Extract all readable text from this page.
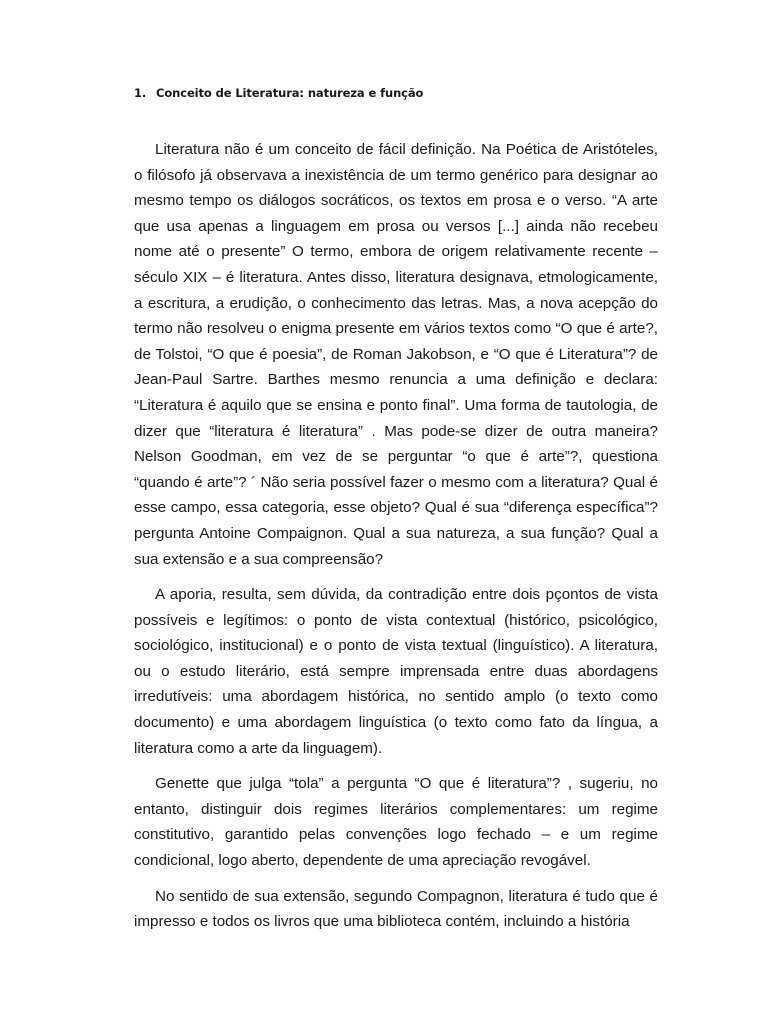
1. Conceito de Literatura: natureza e função

Literatura não é um conceito de fácil definição. Na Poética de Aristóteles, o filósofo já observava a inexistência de um termo genérico para designar ao mesmo tempo os diálogos socráticos, os textos em prosa e o verso. “A arte que usa apenas a linguagem em prosa ou versos [...] ainda não recebeu nome até o presente” O termo, embora de origem relativamente recente – século XIX – é literatura. Antes disso, literatura designava, etmologicamente, a escritura, a erudição, o conhecimento das letras. Mas, a nova acepção do termo não resolveu o enigma presente em vários textos como “O que é arte?, de Tolstoi, “O que é poesia”, de Roman Jakobson, e “O que é Literatura”? de Jean-Paul Sartre. Barthes mesmo renuncia a uma definição e declara: “Literatura é aquilo que se ensina e ponto final”. Uma forma de tautologia, de dizer que “literatura é literatura” . Mas pode-se dizer de outra maneira? Nelson Goodman, em vez de se perguntar “o que é arte”?, questiona “quando é arte”? ´ Não seria possível fazer o mesmo com a literatura? Qual é esse campo, essa categoria, esse objeto? Qual é sua “diferença específica”? pergunta Antoine Compaignon. Qual a sua natureza, a sua função? Qual a sua extensão e a sua compreensão?

A aporia, resulta, sem dúvida, da contradição entre dois pçontos de vista possíveis e legítimos: o ponto de vista contextual (histórico, psicológico, sociológico, institucional) e o ponto de vista textual (linguístico). A literatura, ou o estudo literário, está sempre imprensada entre duas abordagens irredutíveis: uma abordagem histórica, no sentido amplo (o texto como documento) e uma abordagem linguística (o texto como fato da língua, a literatura como a arte da linguagem).

Genette que julga “tola” a pergunta “O que é literatura”? , sugeriu, no entanto, distinguir dois regimes literários complementares: um regime constitutivo, garantido pelas convenções logo fechado – e um regime condicional, logo aberto, dependente de uma apreciação revogável.

No sentido de sua extensão, segundo Compagnon, literatura é tudo que é impresso e todos os livros que uma biblioteca contém, incluindo a história
